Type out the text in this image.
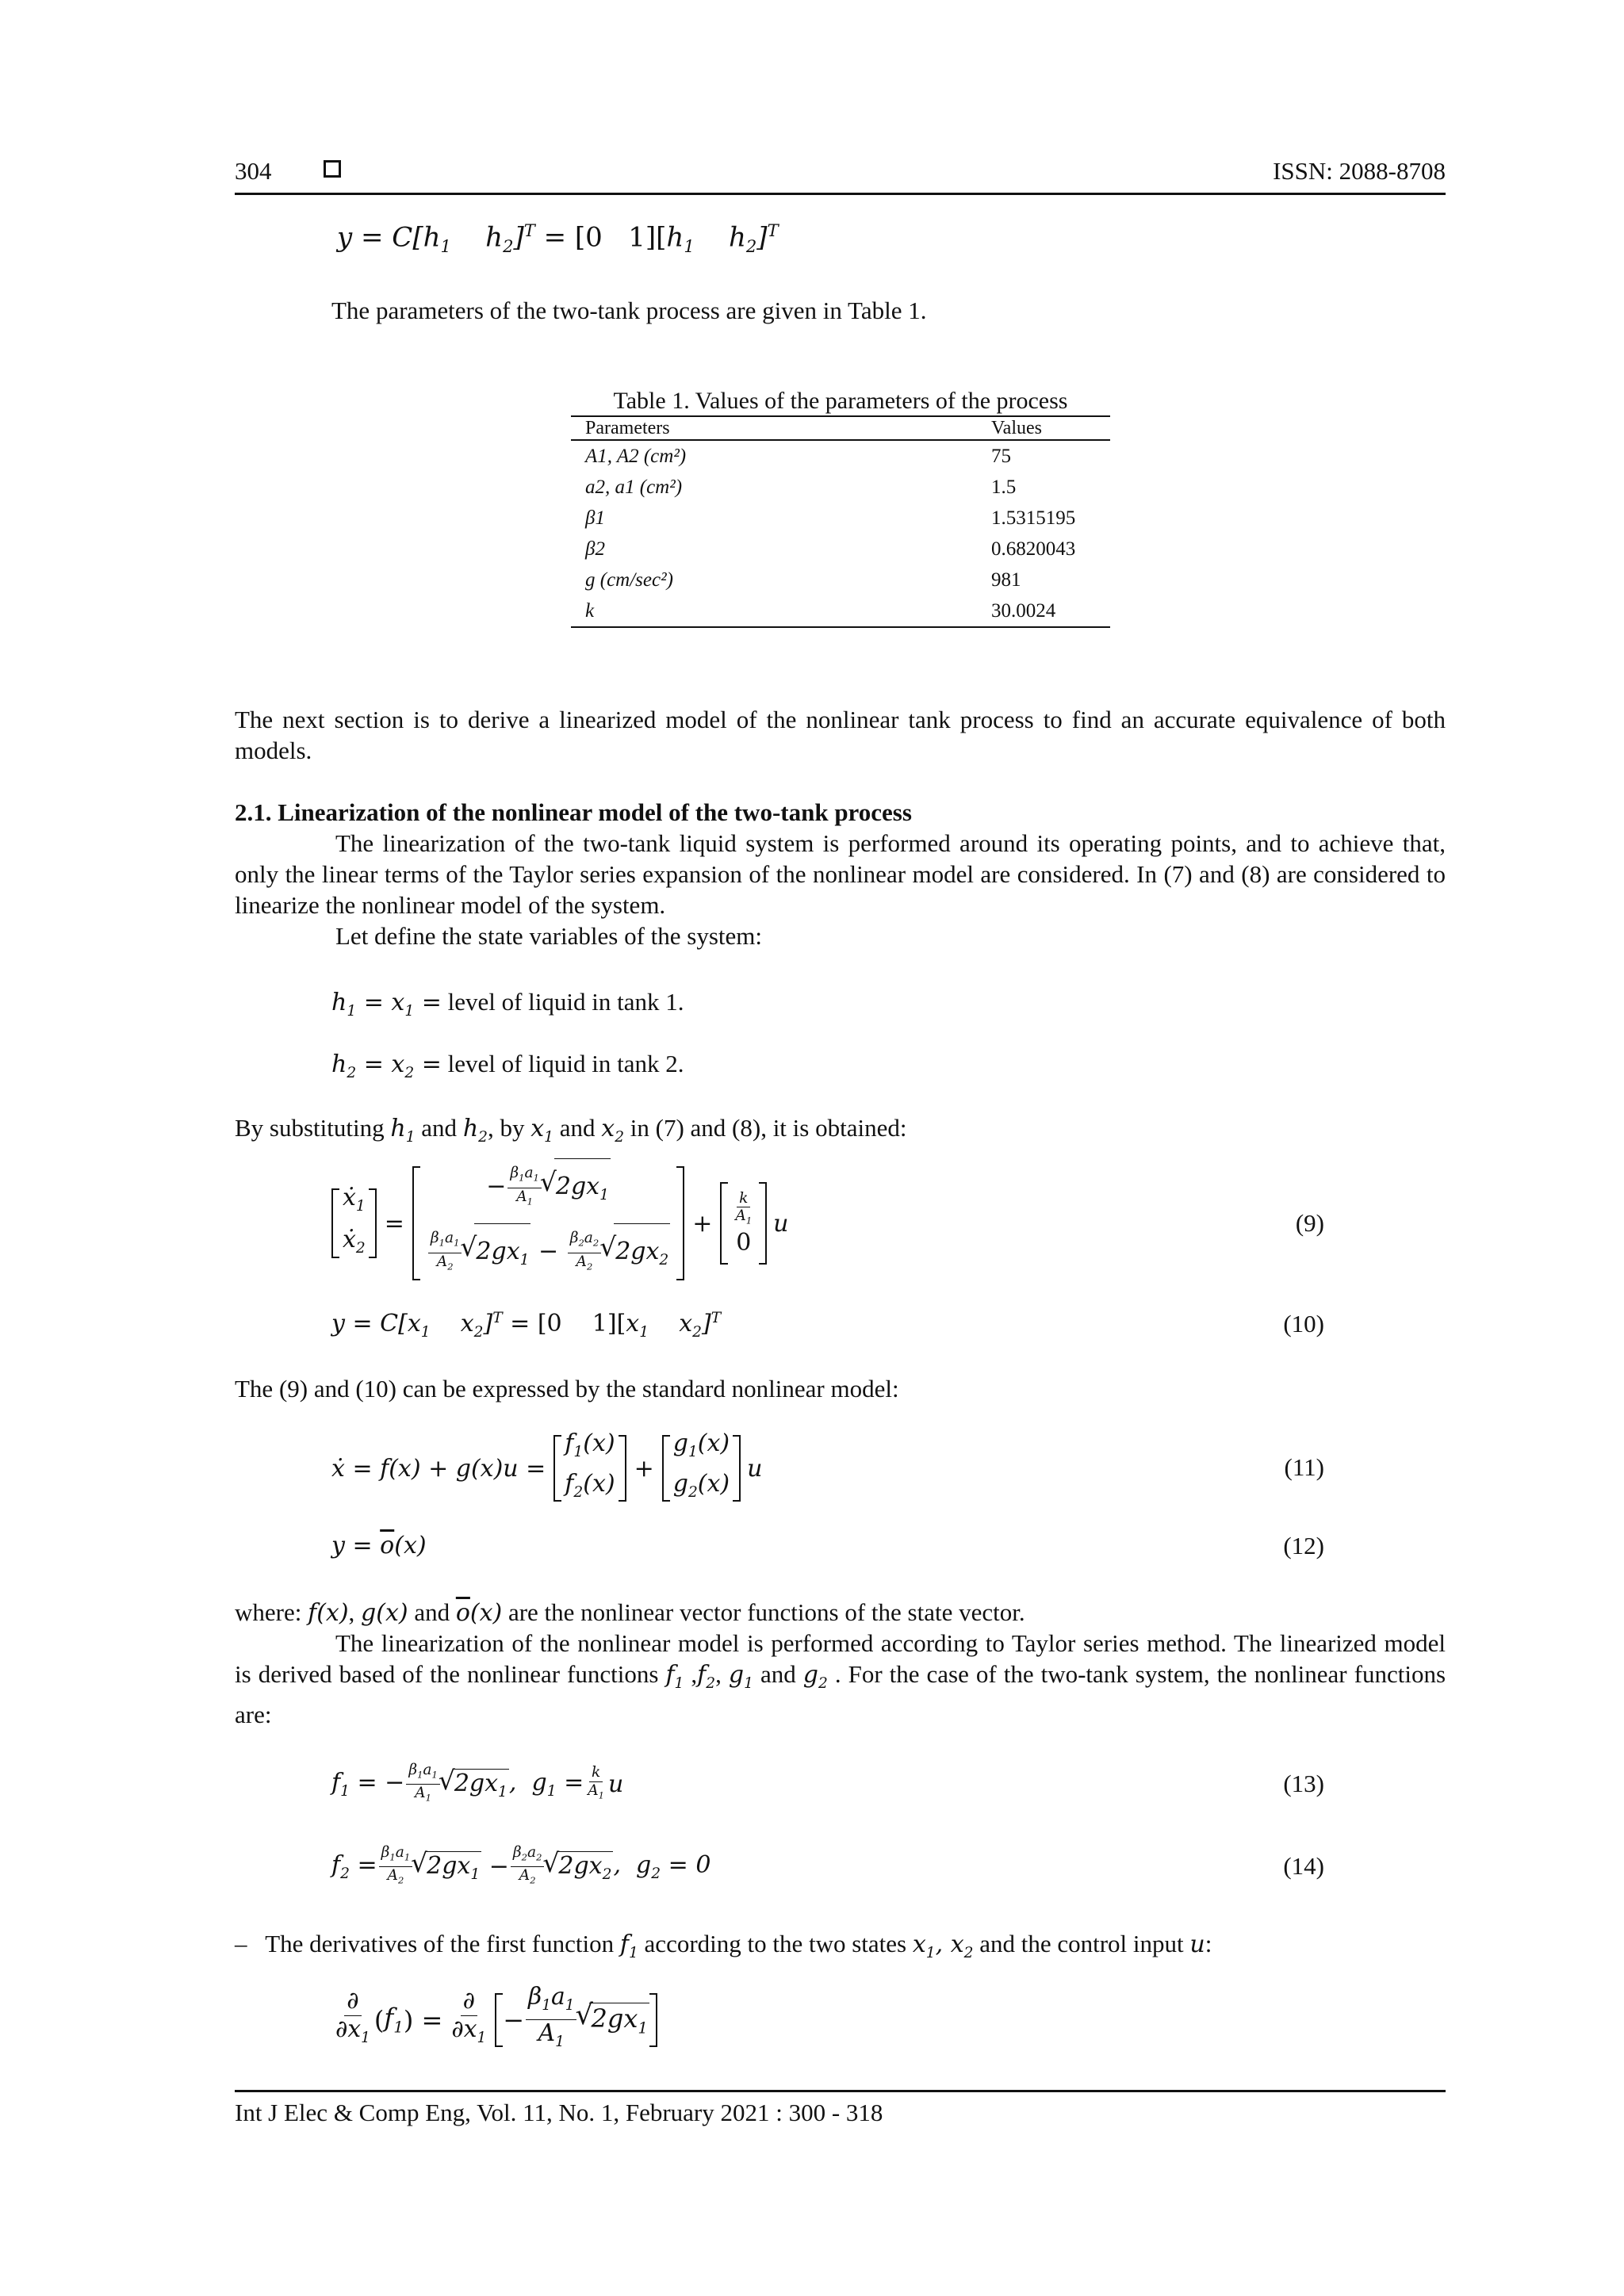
304	ISSN: 2088-8708
$y = C[h_1$    $h_2]^T = [0$   $1][h_1$    $h_2]^T$
The parameters of the two-tank process are given in Table 1.
Table 1. Values of the parameters of the process
Parameters	Values
A1, A2 (cm²)	75
a2, a1 (cm²)	1.5
β1	1.5315195
β2	0.6820043
g (cm/sec²)	981
k	30.0024
The next section is to derive a linearized model of the nonlinear tank process to find an accurate equivalence of both models.
2.1. Linearization of the nonlinear model of the two-tank process
The linearization of the two-tank liquid system is performed around its operating points, and to achieve that, only the linear terms of the Taylor series expansion of the nonlinear model are considered. In (7) and (8) are considered to linearize the nonlinear model of the system.
Let define the state variables of the system:
$h_1 = x_1$ = level of liquid in tank 1.
$h_2 = x_2$ = level of liquid in tank 2.
By substituting $h_1$ and $h_2$, by $x_1$ and $x_2$ in (7) and (8), it is obtained:
ẋ$_1$
ẋ$_2$
=
− $\frac{\beta_1a_1}{A_1}$ √ $2gx_1$
$\frac{\beta_1a_1}{A_2}$ √ $2gx_1 - \frac{\beta_2a_2}{A_2}$ √ $2gx_2$
+ $\frac{k}{A_1}$
0
u	(9)
$y = C[x_1$    $x_2]^T = [0$    $1][x_1$    $x_2]^T$	(10)
The (9) and (10) can be expressed by the standard nonlinear model:
ẋ = f(x) + g(x)u =
$f_1(x)$
$f_2(x)$
+
$g_1(x)$
$g_2(x)$
u	(11)
$y = \overline{o}(x)$	(12)
where: f(x), g(x) and $\overline{o}(x)$ are the nonlinear vector functions of the state vector.
The linearization of the nonlinear model is performed according to Taylor series method. The linearized model is derived based of the nonlinear functions $f_1$ $,f_2$, $g_1$ and $g_2$ . For the case of the two-tank system, the nonlinear functions are:
$f_1$ = − $\frac{\beta_1a_1}{A_1}$ √ $2gx_1$ ,  $g_1 = \frac{k}{A_1}$ u	(13)
$f_2 = \frac{\beta_1a_1}{A_2}$ √ $2gx_1 - \frac{\beta_2a_2}{A_2}$ √ $2gx_2$ ,  $g_2 = 0$	(14)
– The derivatives of the first function $f_1$ according to the two states $x_1$, $x_2$ and the control input u:
$\frac{\partial}{\partial x_1}$ ( $f_1$ ) = $\frac{\partial}{\partial x_1} - \frac{\beta_1a_1}{A_1}$ √ $2gx_1$
Int J Elec & Comp Eng, Vol. 11, No. 1, February 2021 : 300 - 318
